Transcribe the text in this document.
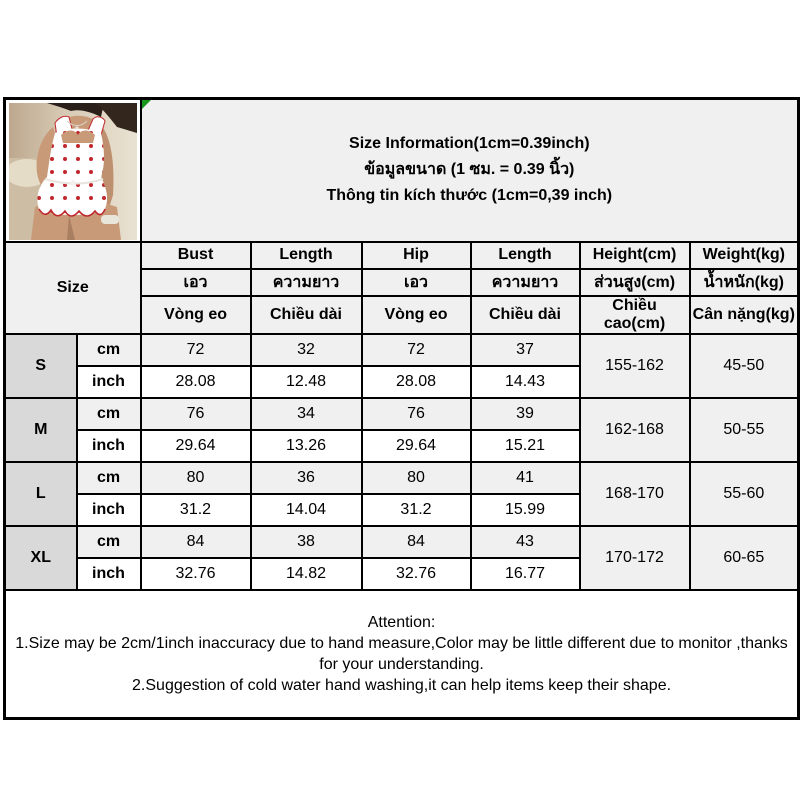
Size Information(1cm=0.39inch)
ข้อมูลขนาด (1 ซม. = 0.39 นิ้ว)
Thông tin kích thước (1cm=0,39 inch)					

Size		Bust	Length	Hip	Length	Height(cm)	Weight(kg)
		เอว	ความยาว	เอว	ความยาว	ส่วนสูง(cm)	น้ำหนัก(kg)
		Vòng eo	Chiều dài	Vòng eo	Chiều dài	Chiều cao(cm)	Cân nặng(kg)
S	cm	72	32	72	37	155-162	45-50
	inch	28.08	12.48	28.08	14.43		
M	cm	76	34	76	39	162-168	50-55
	inch	29.64	13.26	29.64	15.21		
L	cm	80	36	80	41	168-170	55-60
	inch	31.2	14.04	31.2	15.99		
XL	cm	84	38	84	43	170-172	60-65
	inch	32.76	14.82	32.76	16.77		

Attention:
1.Size may be 2cm/1inch inaccuracy due to hand measure,Color may be little different due to monitor ,thanks for your understanding.
2.Suggestion of cold water hand washing,it can help items keep their shape.							
